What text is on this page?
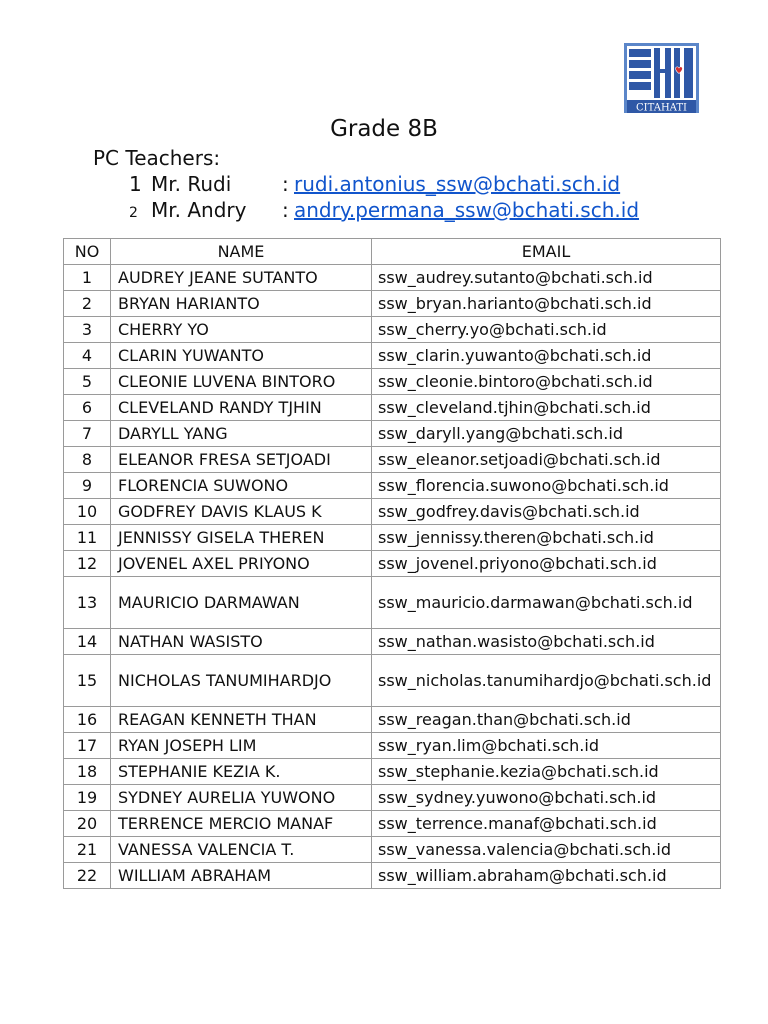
CITAHATI
Grade 8B
PC Teachers:
1 Mr. Rudi	: rudi.antonius_ssw@bchati.sch.id
2 Mr. Andry : andry.permana_ssw@bchati.sch.id
NO	NAME	EMAIL
1	AUDREY JEANE SUTANTO	ssw_audrey.sutanto@bchati.sch.id
2	BRYAN HARIANTO	ssw_bryan.harianto@bchati.sch.id
3	CHERRY YO	ssw_cherry.yo@bchati.sch.id
4	CLARIN YUWANTO	ssw_clarin.yuwanto@bchati.sch.id
5	CLEONIE LUVENA BINTORO	ssw_cleonie.bintoro@bchati.sch.id
6	CLEVELAND RANDY TJHIN	ssw_cleveland.tjhin@bchati.sch.id
7	DARYLL YANG	ssw_daryll.yang@bchati.sch.id
8	ELEANOR FRESA SETJOADI	ssw_eleanor.setjoadi@bchati.sch.id
9	FLORENCIA SUWONO	ssw_florencia.suwono@bchati.sch.id
10	GODFREY DAVIS KLAUS K	ssw_godfrey.davis@bchati.sch.id
11	JENNISSY GISELA THEREN	ssw_jennissy.theren@bchati.sch.id
12	JOVENEL AXEL PRIYONO	ssw_jovenel.priyono@bchati.sch.id
13	MAURICIO DARMAWAN	ssw_mauricio.darmawan@bchati.sch.id
14	NATHAN WASISTO	ssw_nathan.wasisto@bchati.sch.id
15	NICHOLAS TANUMIHARDJO	ssw_nicholas.tanumihardjo@bchati.sch.id
16	REAGAN KENNETH THAN	ssw_reagan.than@bchati.sch.id
17	RYAN JOSEPH LIM	ssw_ryan.lim@bchati.sch.id
18	STEPHANIE KEZIA K.	ssw_stephanie.kezia@bchati.sch.id
19	SYDNEY AURELIA YUWONO	ssw_sydney.yuwono@bchati.sch.id
20	TERRENCE MERCIO MANAF	ssw_terrence.manaf@bchati.sch.id
21	VANESSA VALENCIA T.	ssw_vanessa.valencia@bchati.sch.id
22	WILLIAM ABRAHAM	ssw_william.abraham@bchati.sch.id
